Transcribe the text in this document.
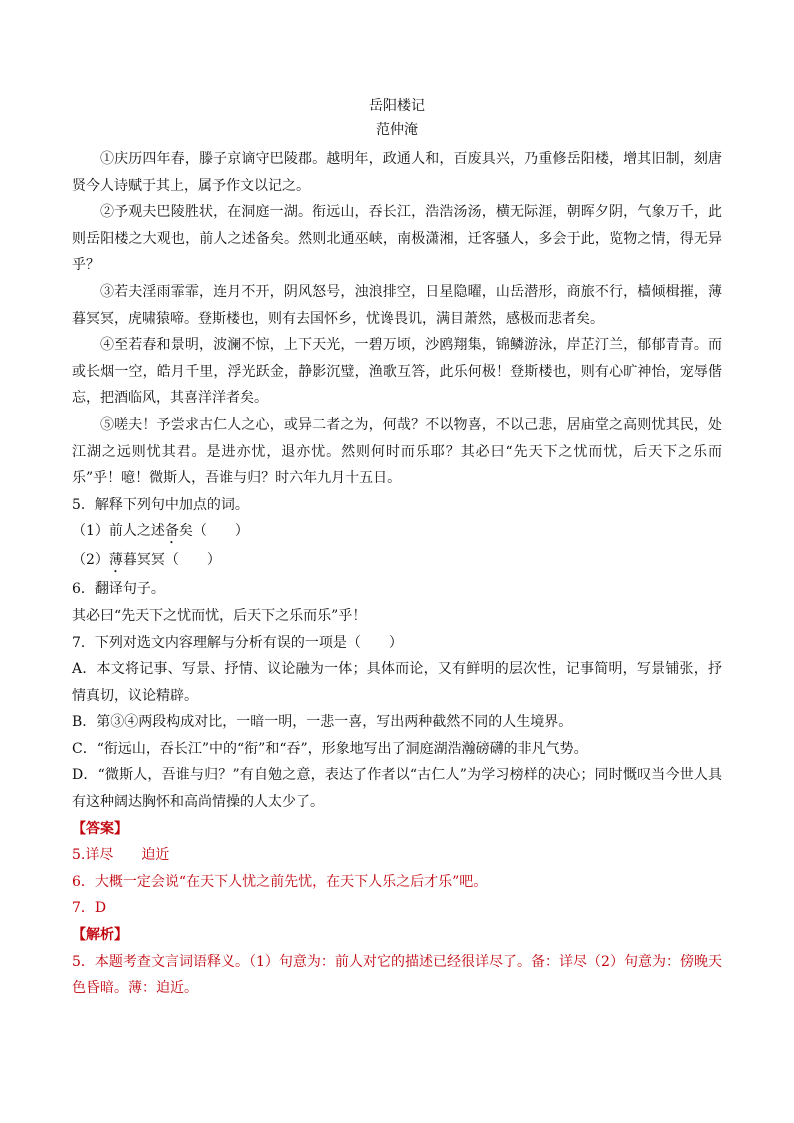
岳阳楼记

范仲淹

①庆历四年春，滕子京谪守巴陵郡。越明年，政通人和，百废具兴，乃重修岳阳楼，增其旧制，刻唐贤今人诗赋于其上，属予作文以记之。

②予观夫巴陵胜状，在洞庭一湖。衔远山，吞长江，浩浩汤汤，横无际涯，朝晖夕阴，气象万千，此则岳阳楼之大观也，前人之述备矣。然则北通巫峡，南极潇湘，迁客骚人，多会于此，览物之情，得无异乎？

③若夫淫雨霏霏，连月不开，阴风怒号，浊浪排空，日星隐曜，山岳潜形，商旅不行，樯倾楫摧，薄暮冥冥，虎啸猿啼。登斯楼也，则有去国怀乡，忧谗畏讥，满目萧然，感极而悲者矣。

④至若春和景明，波澜不惊，上下天光，一碧万顷，沙鸥翔集，锦鳞游泳，岸芷汀兰，郁郁青青。而或长烟一空，皓月千里，浮光跃金，静影沉璧，渔歌互答，此乐何极！登斯楼也，则有心旷神怡，宠辱偕忘，把酒临风，其喜洋洋者矣。

⑤嗟夫！予尝求古仁人之心，或异二者之为，何哉？不以物喜，不以己悲，居庙堂之高则忧其民，处江湖之远则忧其君。是进亦忧，退亦忧。然则何时而乐耶？其必曰“先天下之忧而忧，后天下之乐而乐”乎！噫！微斯人，吾谁与归？时六年九月十五日。

5．解释下列句中加点的词。

（1）前人之述备矣（　　）

（2）薄暮冥冥（　　）

6．翻译句子。

其必曰“先天下之忧而忧，后天下之乐而乐”乎！

7．下列对选文内容理解与分析有误的一项是（　　）

A．本文将记事、写景、抒情、议论融为一体；具体而论，又有鲜明的层次性，记事简明，写景铺张，抒情真切，议论精辟。

B．第③④两段构成对比，一暗一明，一悲一喜，写出两种截然不同的人生境界。

C．“衔远山，吞长江”中的“衔”和“吞”，形象地写出了洞庭湖浩瀚磅礴的非凡气势。

D．“微斯人，吾谁与归？”有自勉之意，表达了作者以“古仁人”为学习榜样的决心；同时慨叹当今世人具有这种阔达胸怀和高尚情操的人太少了。

【答案】

5.详尽 迫近

6．大概一定会说“在天下人忧之前先忧，在天下人乐之后才乐”吧。

7．D

【解析】

5．本题考查文言词语释义。（1）句意为：前人对它的描述已经很详尽了。备：详尽（2）句意为：傍晚天色昏暗。薄：迫近。
